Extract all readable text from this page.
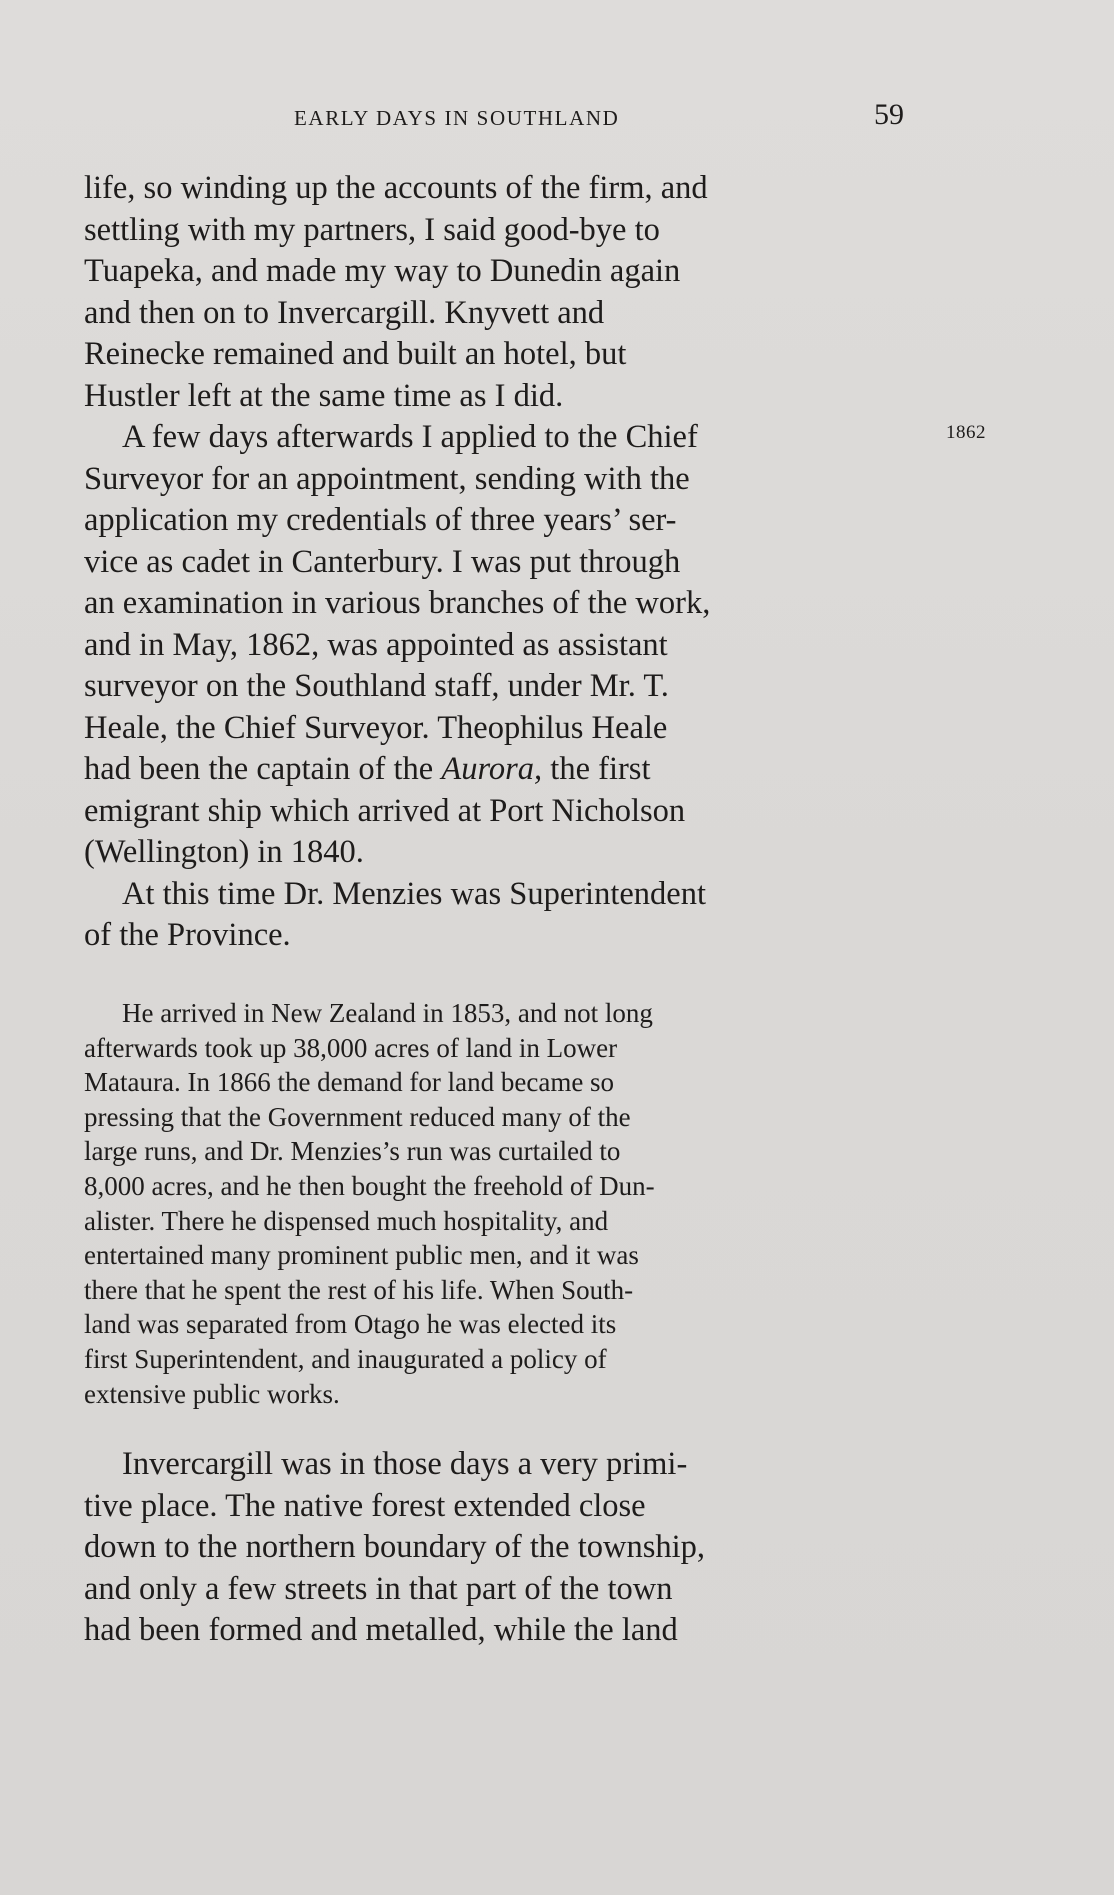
EARLY DAYS IN SOUTHLAND	59
1862
life, so winding up the accounts of the firm, and
settling with my partners, I said good-bye to
Tuapeka, and made my way to Dunedin again
and then on to Invercargill. Knyvett and
Reinecke remained and built an hotel, but
Hustler left at the same time as I did.
A few days afterwards I applied to the Chief
Surveyor for an appointment, sending with the
application my credentials of three years’ ser-
vice as cadet in Canterbury. I was put through
an examination in various branches of the work,
and in May, 1862, was appointed as assistant
surveyor on the Southland staff, under Mr. T.
Heale, the Chief Surveyor. Theophilus Heale
had been the captain of the Aurora, the first
emigrant ship which arrived at Port Nicholson
(Wellington) in 1840.
At this time Dr. Menzies was Superintendent
of the Province.
He arrived in New Zealand in 1853, and not long
afterwards took up 38,000 acres of land in Lower
Mataura. In 1866 the demand for land became so
pressing that the Government reduced many of the
large runs, and Dr. Menzies’s run was curtailed to
8,000 acres, and he then bought the freehold of Dun-
alister. There he dispensed much hospitality, and
entertained many prominent public men, and it was
there that he spent the rest of his life. When South-
land was separated from Otago he was elected its
first Superintendent, and inaugurated a policy of
extensive public works.
Invercargill was in those days a very primi-
tive place. The native forest extended close
down to the northern boundary of the township,
and only a few streets in that part of the town
had been formed and metalled, while the land
